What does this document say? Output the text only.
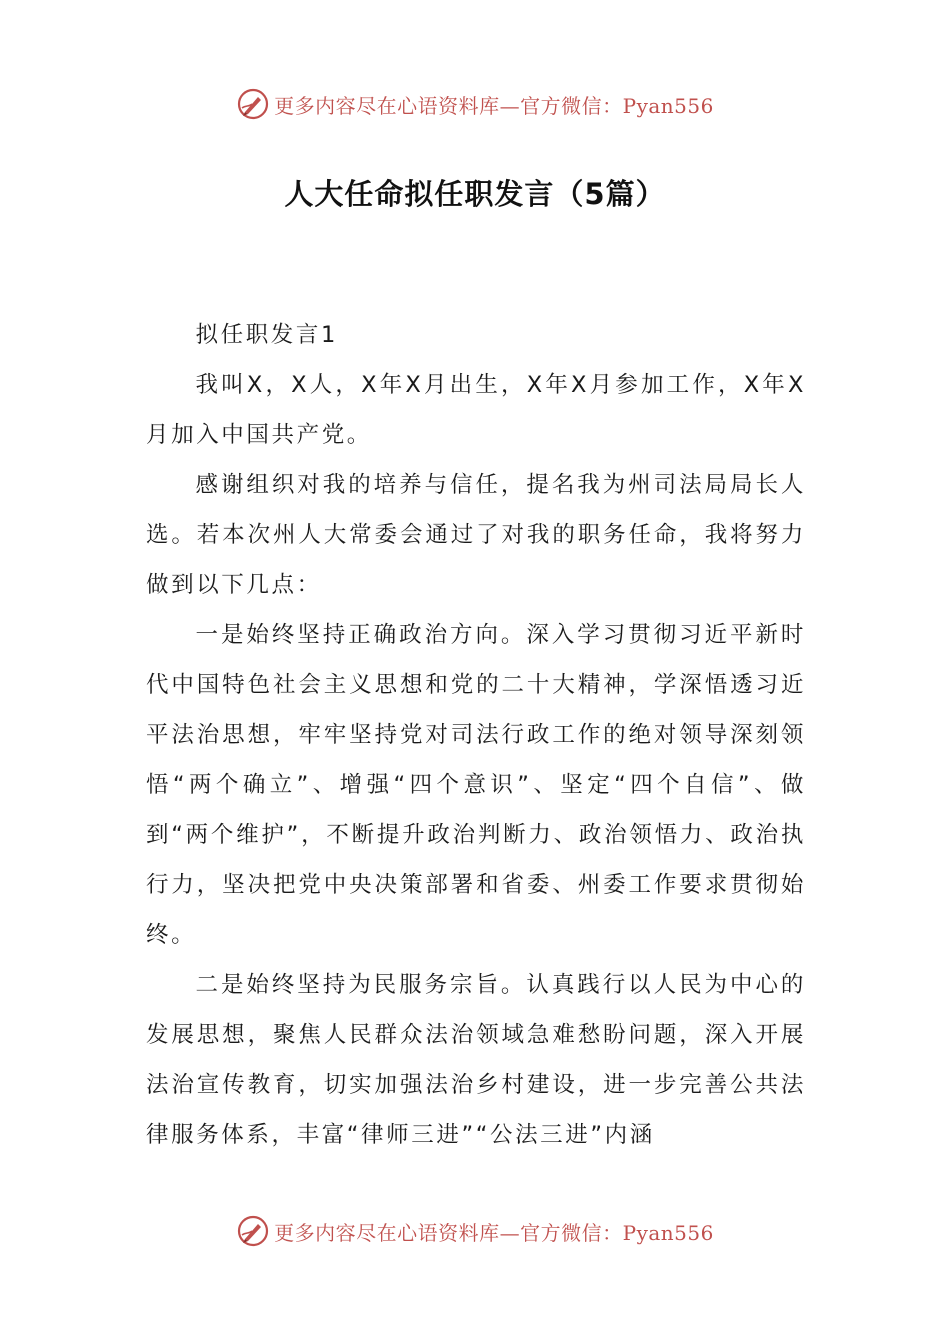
更多内容尽在心语资料库—官方微信：Pyan556
人大任命拟任职发言（5篇）

拟任职发言1

我叫X，X人，X年X月出生，X年X月参加工作，X年X月加入中国共产党。

感谢组织对我的培养与信任，提名我为州司法局局长人选。若本次州人大常委会通过了对我的职务任命，我将努力做到以下几点：

一是始终坚持正确政治方向。深入学习贯彻习近平新时代中国特色社会主义思想和党的二十大精神，学深悟透习近平法治思想，牢牢坚持党对司法行政工作的绝对领导深刻领悟“两个确立”、增强“四个意识”、坚定“四个自信”、做到“两个维护”，不断提升政治判断力、政治领悟力、政治执行力，坚决把党中央决策部署和省委、州委工作要求贯彻始终。

二是始终坚持为民服务宗旨。认真践行以人民为中心的发展思想，聚焦人民群众法治领域急难愁盼问题，深入开展法治宣传教育，切实加强法治乡村建设，进一步完善公共法律服务体系，丰富“律师三进”“公法三进”内涵

更多内容尽在心语资料库—官方微信：Pyan556
